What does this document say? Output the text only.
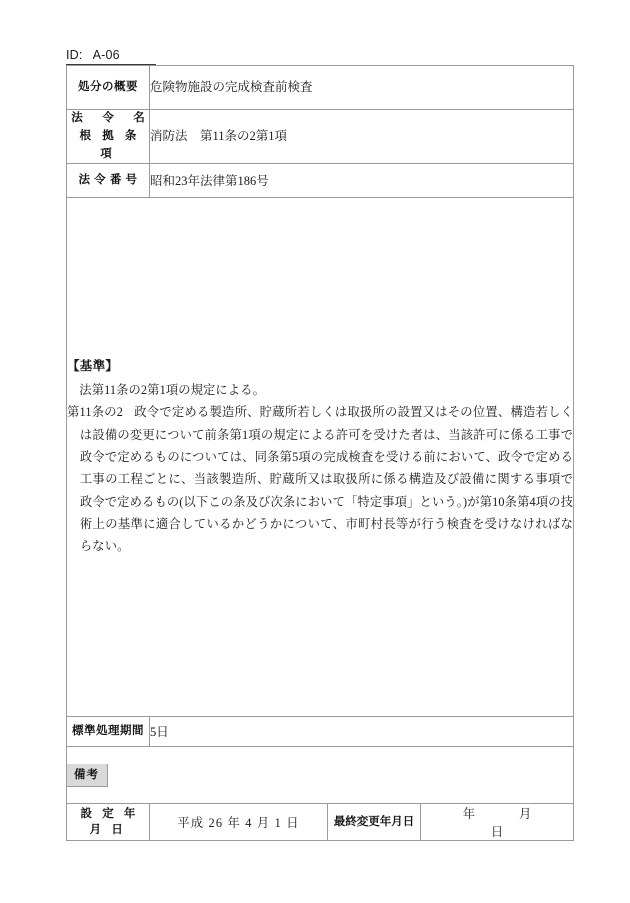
ID: A-06
処分の概要	危険物施設の完成検査前検査		

法　令　名
根 拠 条 項	消防法　第11条の2第1項		
法 令 番 号	昭和23年法律第186号		

【基準】

法第11条の2第1項の規定による。

第11条の2 政令で定める製造所、貯蔵所若しくは取扱所の設置又はその位置、構造若しくは設備の変更について前条第1項の規定による許可を受けた者は、当該許可に係る工事で政令で定めるものについては、同条第5項の完成検査を受ける前において、政令で定める工事の工程ごとに、当該製造所、貯蔵所又は取扱所に係る構造及び設備に関する事項で政令で定めるもの(以下この条及び次条において「特定事項」という。)が第10条第4項の技術上の基準に適合しているかどうかについて、市町村長等が行う検査を受けなければならない。			

標準処理期間	5日		
備考			
設 定 年 月 日	平成 26 年 4 月 1 日	最終変更年月日	年 月日
